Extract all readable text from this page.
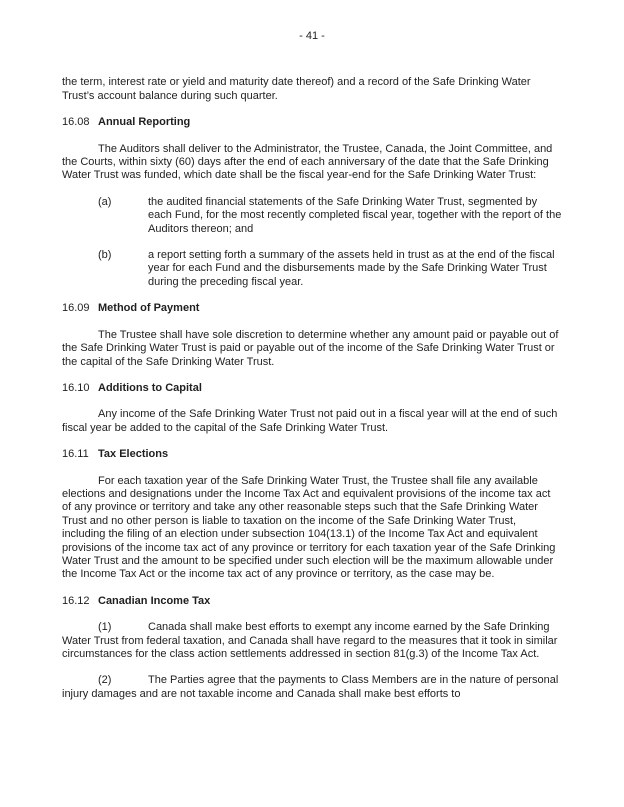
- 41 -

the term, interest rate or yield and maturity date thereof) and a record of the Safe Drinking Water Trust’s account balance during such quarter.

16.08 Annual Reporting

The Auditors shall deliver to the Administrator, the Trustee, Canada, the Joint Committee, and the Courts, within sixty (60) days after the end of each anniversary of the date that the Safe Drinking Water Trust was funded, which date shall be the fiscal year-end for the Safe Drinking Water Trust:

(a)	the audited financial statements of the Safe Drinking Water Trust, segmented by each Fund, for the most recently completed fiscal year, together with the report of the Auditors thereon; and
(b)	a report setting forth a summary of the assets held in trust as at the end of the fiscal year for each Fund and the disbursements made by the Safe Drinking Water Trust during the preceding fiscal year.
16.09 Method of Payment

The Trustee shall have sole discretion to determine whether any amount paid or payable out of the Safe Drinking Water Trust is paid or payable out of the income of the Safe Drinking Water Trust or the capital of the Safe Drinking Water Trust.

16.10 Additions to Capital

Any income of the Safe Drinking Water Trust not paid out in a fiscal year will at the end of such fiscal year be added to the capital of the Safe Drinking Water Trust.

16.11 Tax Elections

For each taxation year of the Safe Drinking Water Trust, the Trustee shall file any available elections and designations under the Income Tax Act and equivalent provisions of the income tax act of any province or territory and take any other reasonable steps such that the Safe Drinking Water Trust and no other person is liable to taxation on the income of the Safe Drinking Water Trust, including the filing of an election under subsection 104(13.1) of the Income Tax Act and equivalent provisions of the income tax act of any province or territory for each taxation year of the Safe Drinking Water Trust and the amount to be specified under such election will be the maximum allowable under the Income Tax Act or the income tax act of any province or territory, as the case may be.

16.12 Canadian Income Tax

(1)	Canada shall make best efforts to exempt any income earned by the Safe Drinking Water Trust from federal taxation, and Canada shall have regard to the measures that it took in similar circumstances for the class action settlements addressed in section 81(g.3) of the Income Tax Act.

(2)	The Parties agree that the payments to Class Members are in the nature of personal injury damages and are not taxable income and Canada shall make best efforts to
